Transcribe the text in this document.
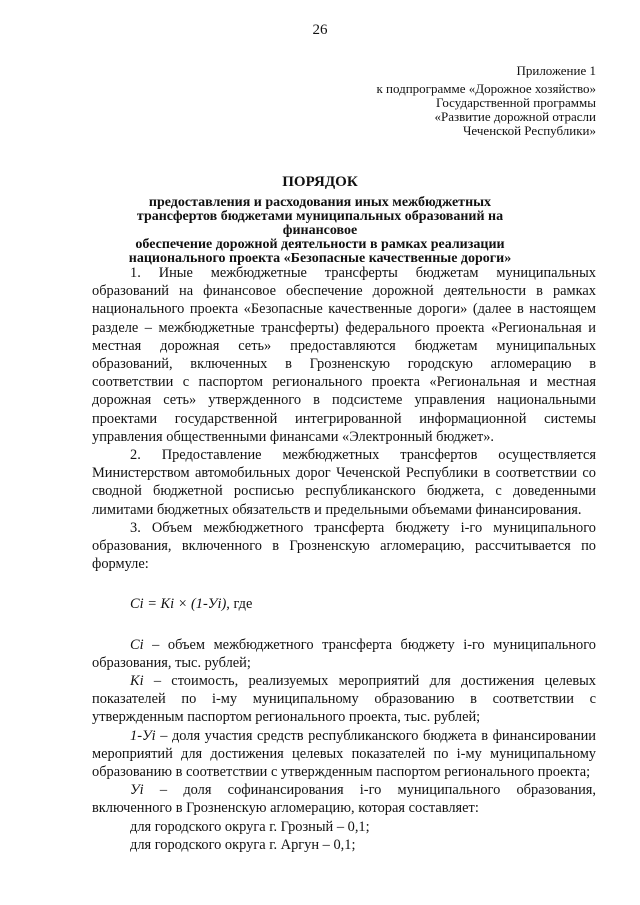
26
Приложение 1
к подпрограмме «Дорожное хозяйство»
Государственной программы
«Развитие дорожной отрасли
Чеченской Республики»
ПОРЯДОК
предоставления и расходования иных межбюджетных
трансфертов бюджетами муниципальных образований на финансовое
обеспечение дорожной деятельности в рамках реализации
национального проекта «Безопасные качественные дороги»

1. Иные межбюджетные трансферты бюджетам муниципальных образований на финансовое обеспечение дорожной деятельности в рамках национального проекта «Безопасные качественные дороги» (далее в настоящем разделе – межбюджетные трансферты) федерального проекта «Региональная и местная дорожная сеть» предоставляются бюджетам муниципальных образований, включенных в Грозненскую городскую агломерацию в соответствии с паспортом регионального проекта «Региональная и местная дорожная сеть» утвержденного в подсистеме управления национальными проектами государственной интегрированной информационной системы управления общественными финансами «Электронный бюджет».

2. Предоставление межбюджетных трансфертов осуществляется Министерством автомобильных дорог Чеченской Республики в соответствии со сводной бюджетной росписью республиканского бюджета, с доведенными лимитами бюджетных обязательств и предельными объемами финансирования.

3. Объем межбюджетного трансферта бюджету i-го муниципального образования, включенного в Грозненскую агломерацию, рассчитывается по формуле:

Ci = Ki × (1-Уi), где

Ci – объем межбюджетного трансферта бюджету i-го муниципального образования, тыс. рублей;

Ki – стоимость, реализуемых мероприятий для достижения целевых показателей по i-му муниципальному образованию в соответствии с утвержденным паспортом регионального проекта, тыс. рублей;

1-Уi – доля участия средств республиканского бюджета в финансировании мероприятий для достижения целевых показателей по i-му муниципальному образованию в соответствии с утвержденным паспортом регионального проекта;

Уi – доля софинансирования i-го муниципального образования, включенного в Грозненскую агломерацию, которая составляет:

для городского округа г. Грозный – 0,1;

для городского округа г. Аргун – 0,1;
